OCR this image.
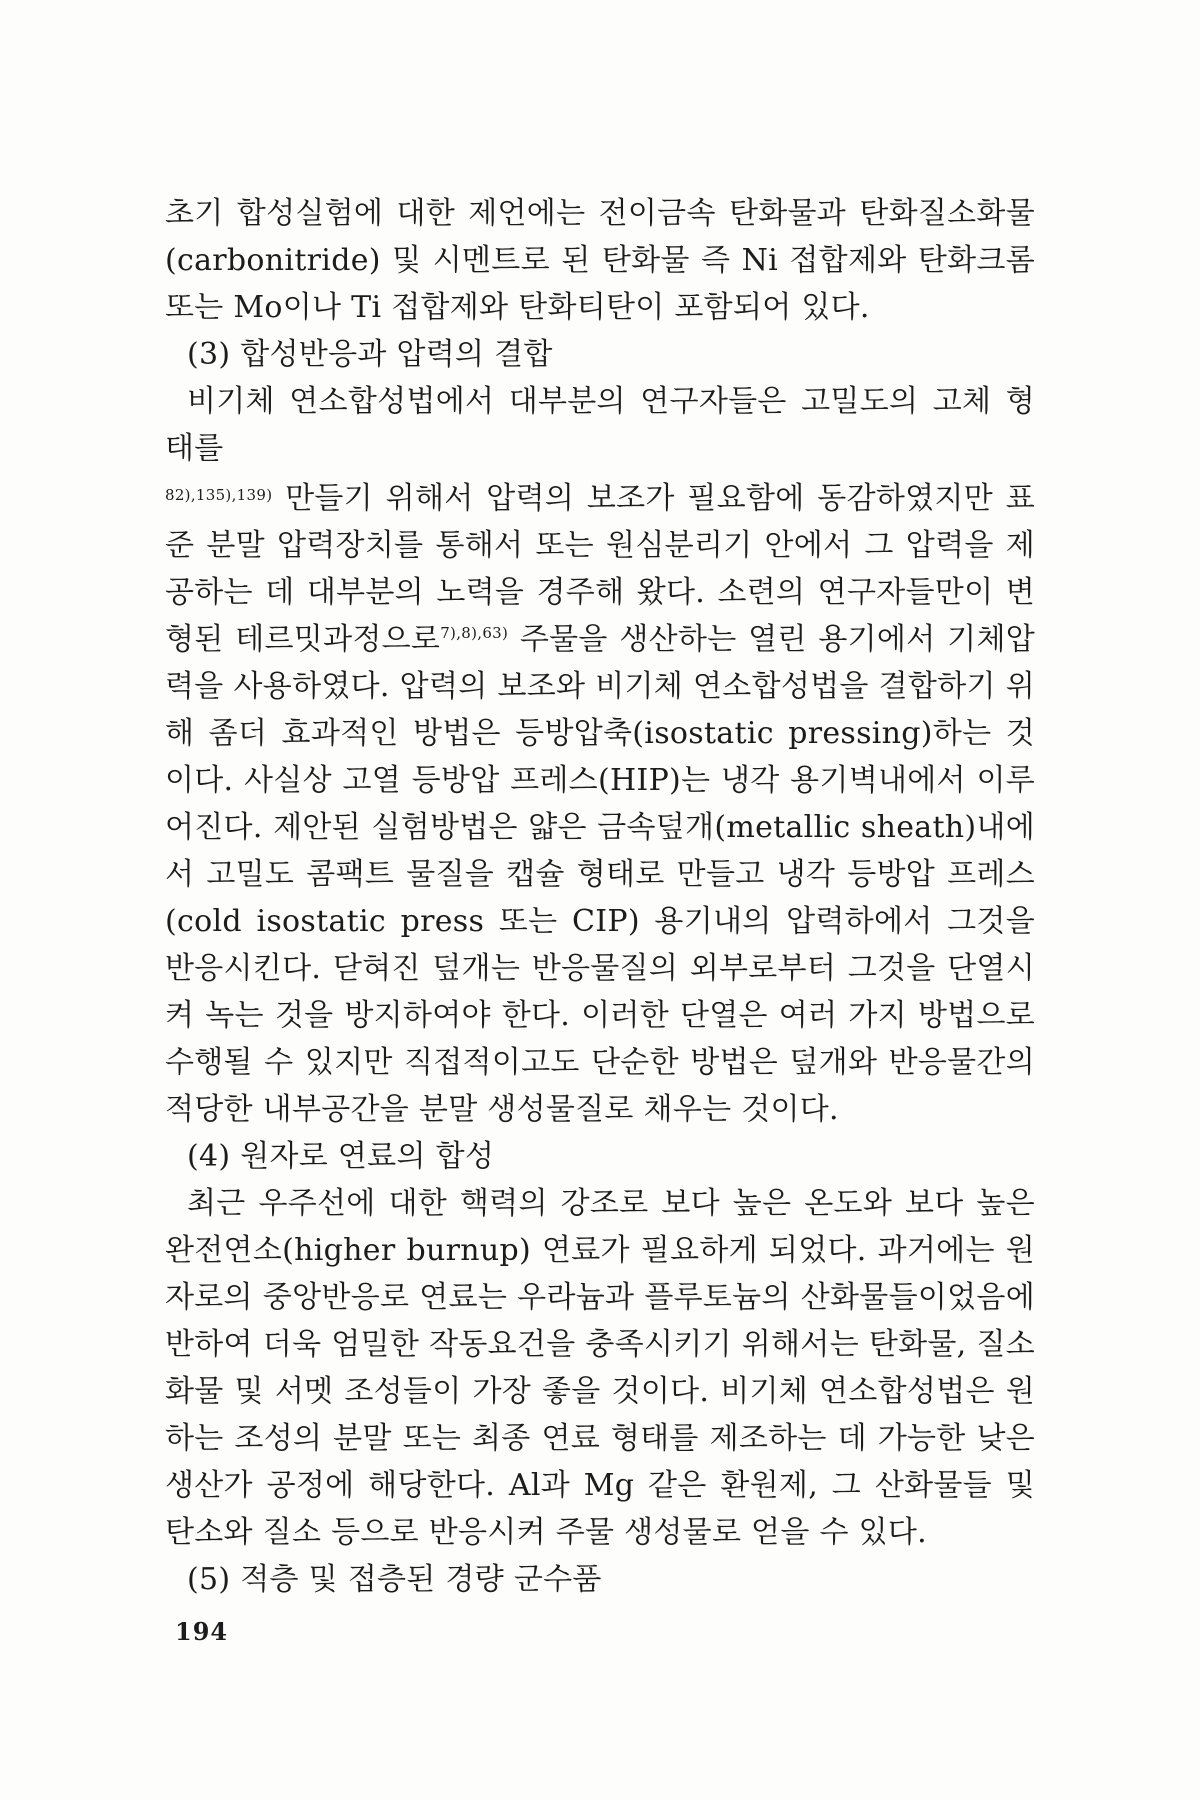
초기 합성실험에 대한 제언에는 전이금속 탄화물과 탄화질소화물(carbonitride) 및 시멘트로 된 탄화물 즉 Ni 접합제와 탄화크롬 또는 Mo이나 Ti 접합제와 탄화티탄이 포함되어 있다.

(3) 합성반응과 압력의 결합

비기체 연소합성법에서 대부분의 연구자들은 고밀도의 고체 형태를
$^{82),135),139)}$ 만들기 위해서 압력의 보조가 필요함에 동감하였지만 표준 분말 압력장치를 통해서 또는 원심분리기 안에서 그 압력을 제공하는 데 대부분의 노력을 경주해 왔다. 소련의 연구자들만이 변형된 테르밋과정으로$^{7),8),63)}$ 주물을 생산하는 열린 용기에서 기체압력을 사용하였다. 압력의 보조와 비기체 연소합성법을 결합하기 위해 좀더 효과적인 방법은 등방압축(isostatic pressing)하는 것이다. 사실상 고열 등방압 프레스(HIP)는 냉각 용기벽내에서 이루어진다. 제안된 실험방법은 얇은 금속덮개(metallic sheath)내에서 고밀도 콤팩트 물질을 캡슐 형태로 만들고 냉각 등방압 프레스(cold isostatic press 또는 CIP) 용기내의 압력하에서 그것을 반응시킨다. 닫혀진 덮개는 반응물질의 외부로부터 그것을 단열시켜 녹는 것을 방지하여야 한다. 이러한 단열은 여러 가지 방법으로 수행될 수 있지만 직접적이고도 단순한 방법은 덮개와 반응물간의 적당한 내부공간을 분말 생성물질로 채우는 것이다.

(4) 원자로 연료의 합성

최근 우주선에 대한 핵력의 강조로 보다 높은 온도와 보다 높은 완전연소(higher burnup) 연료가 필요하게 되었다. 과거에는 원자로의 중앙반응로 연료는 우라늄과 플루토늄의 산화물들이었음에 반하여 더욱 엄밀한 작동요건을 충족시키기 위해서는 탄화물, 질소화물 및 서멧 조성들이 가장 좋을 것이다. 비기체 연소합성법은 원하는 조성의 분말 또는 최종 연료 형태를 제조하는 데 가능한 낮은 생산가 공정에 해당한다. Al과 Mg 같은 환원제, 그 산화물들 및 탄소와 질소 등으로 반응시켜 주물 생성물로 얻을 수 있다.

(5) 적층 및 접층된 경량 군수품

194
